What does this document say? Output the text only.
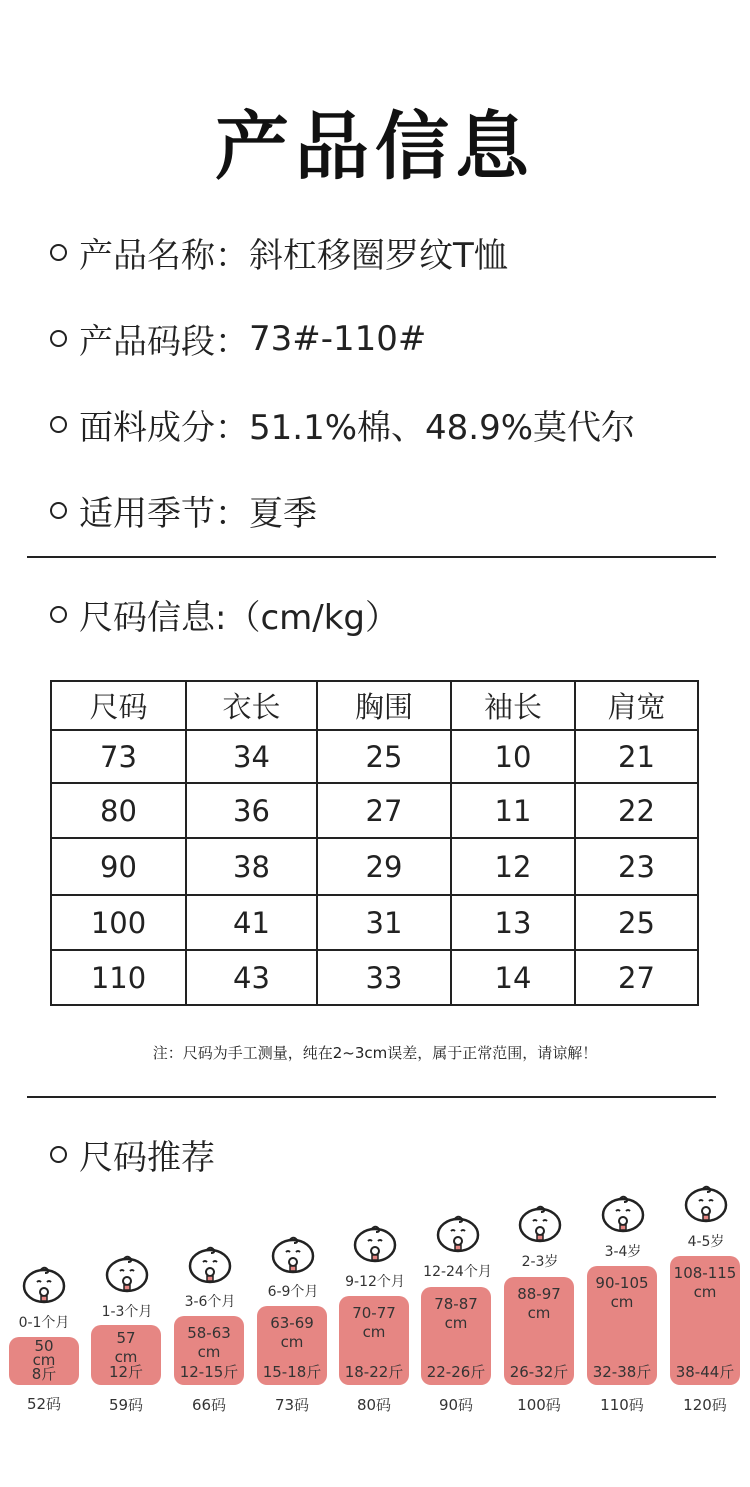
产品信息
产品名称： 斜杠移圈罗纹T恤
产品码段： 73#-110#
面料成分： 51.1%棉、48.9%莫代尔
适用季节： 夏季
尺码信息:（cm/kg）
尺码	衣长	胸围	袖长	肩宽
73	34	25	10	21
80	36	27	11	22
90	38	29	12	23
100	41	31	13	25
110	43	33	14	27
注：尺码为手工测量，纯在2~3cm误差，属于正常范围，请谅解！
尺码推荐
0-1个月
50 cm
8斤
52码
1-3个月
57 cm
12斤
59码
3-6个月
58-63 cm
12-15斤
66码
6-9个月
63-69 cm
15-18斤
73码
9-12个月
70-77 cm
18-22斤
80码
12-24个月
78-87 cm
22-26斤
90码
2-3岁
88-97 cm
26-32斤
100码
3-4岁
90-105 cm
32-38斤
110码
4-5岁
108-115 cm
38-44斤
120码
